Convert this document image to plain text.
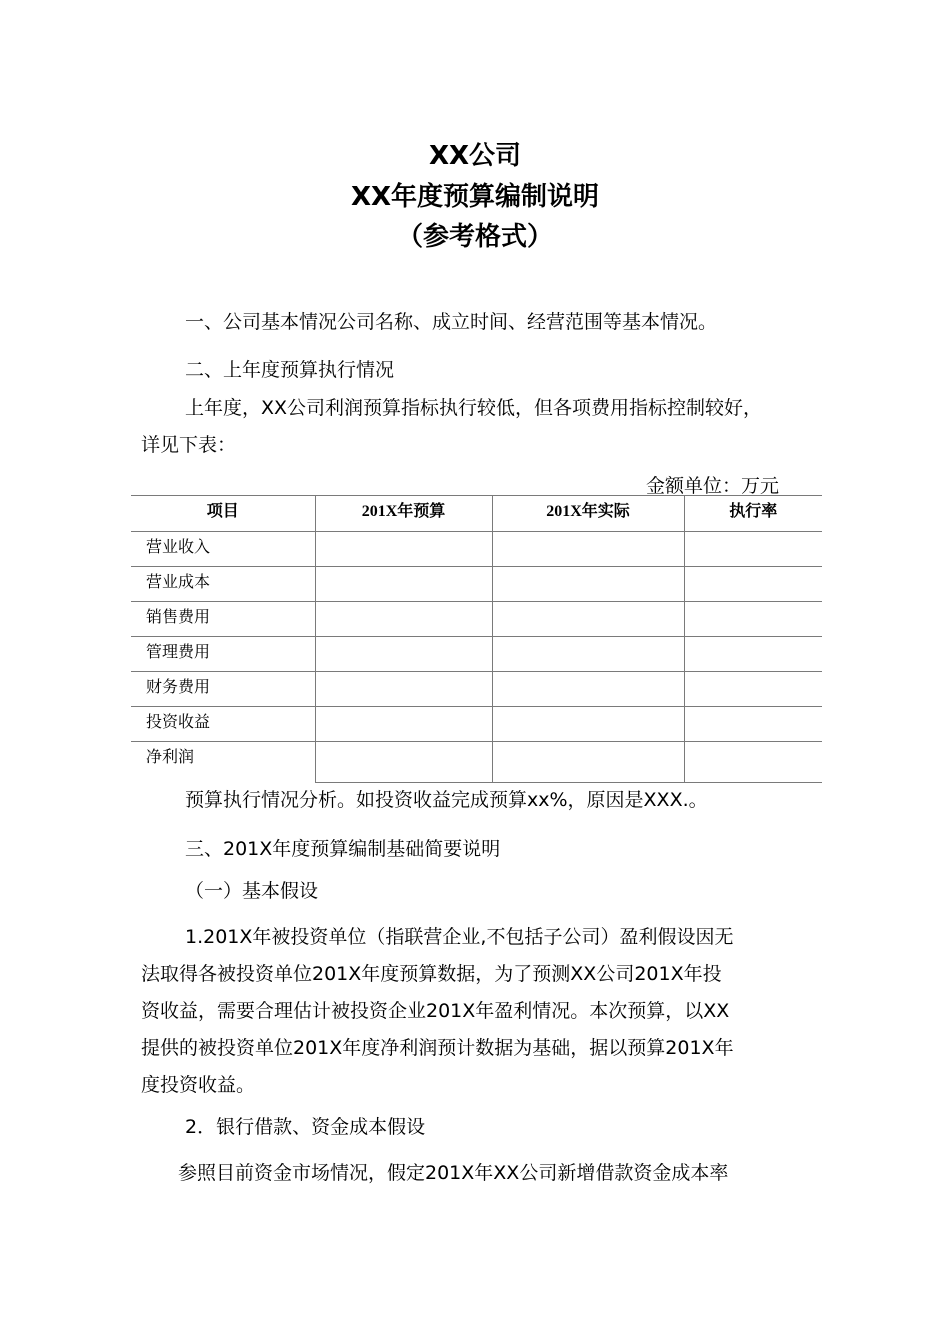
XX公司
XX年度预算编制说明
（参考格式）
一、公司基本情况公司名称、成立时间、经营范围等基本情况。
二、上年度预算执行情况
上年度，XX公司利润预算指标执行较低，但各项费用指标控制较好，
详见下表：
金额单位：万元
项目	201X年预算	201X年实际	执行率
营业收入			
营业成本			
销售费用			
管理费用			
财务费用			
投资收益			
净利润			
预算执行情况分析。如投资收益完成预算xx%，原因是XXX.。
三、201X年度预算编制基础简要说明
（一）基本假设
1.201X年被投资单位（指联营企业,不包括子公司）盈利假设因无
法取得各被投资单位201X年度预算数据，为了预测XX公司201X年投
资收益，需要合理估计被投资企业201X年盈利情况。本次预算，以XX
提供的被投资单位201X年度净利润预计数据为基础，据以预算201X年
度投资收益。
2．银行借款、资金成本假设
参照目前资金市场情况，假定201X年XX公司新增借款资金成本率
